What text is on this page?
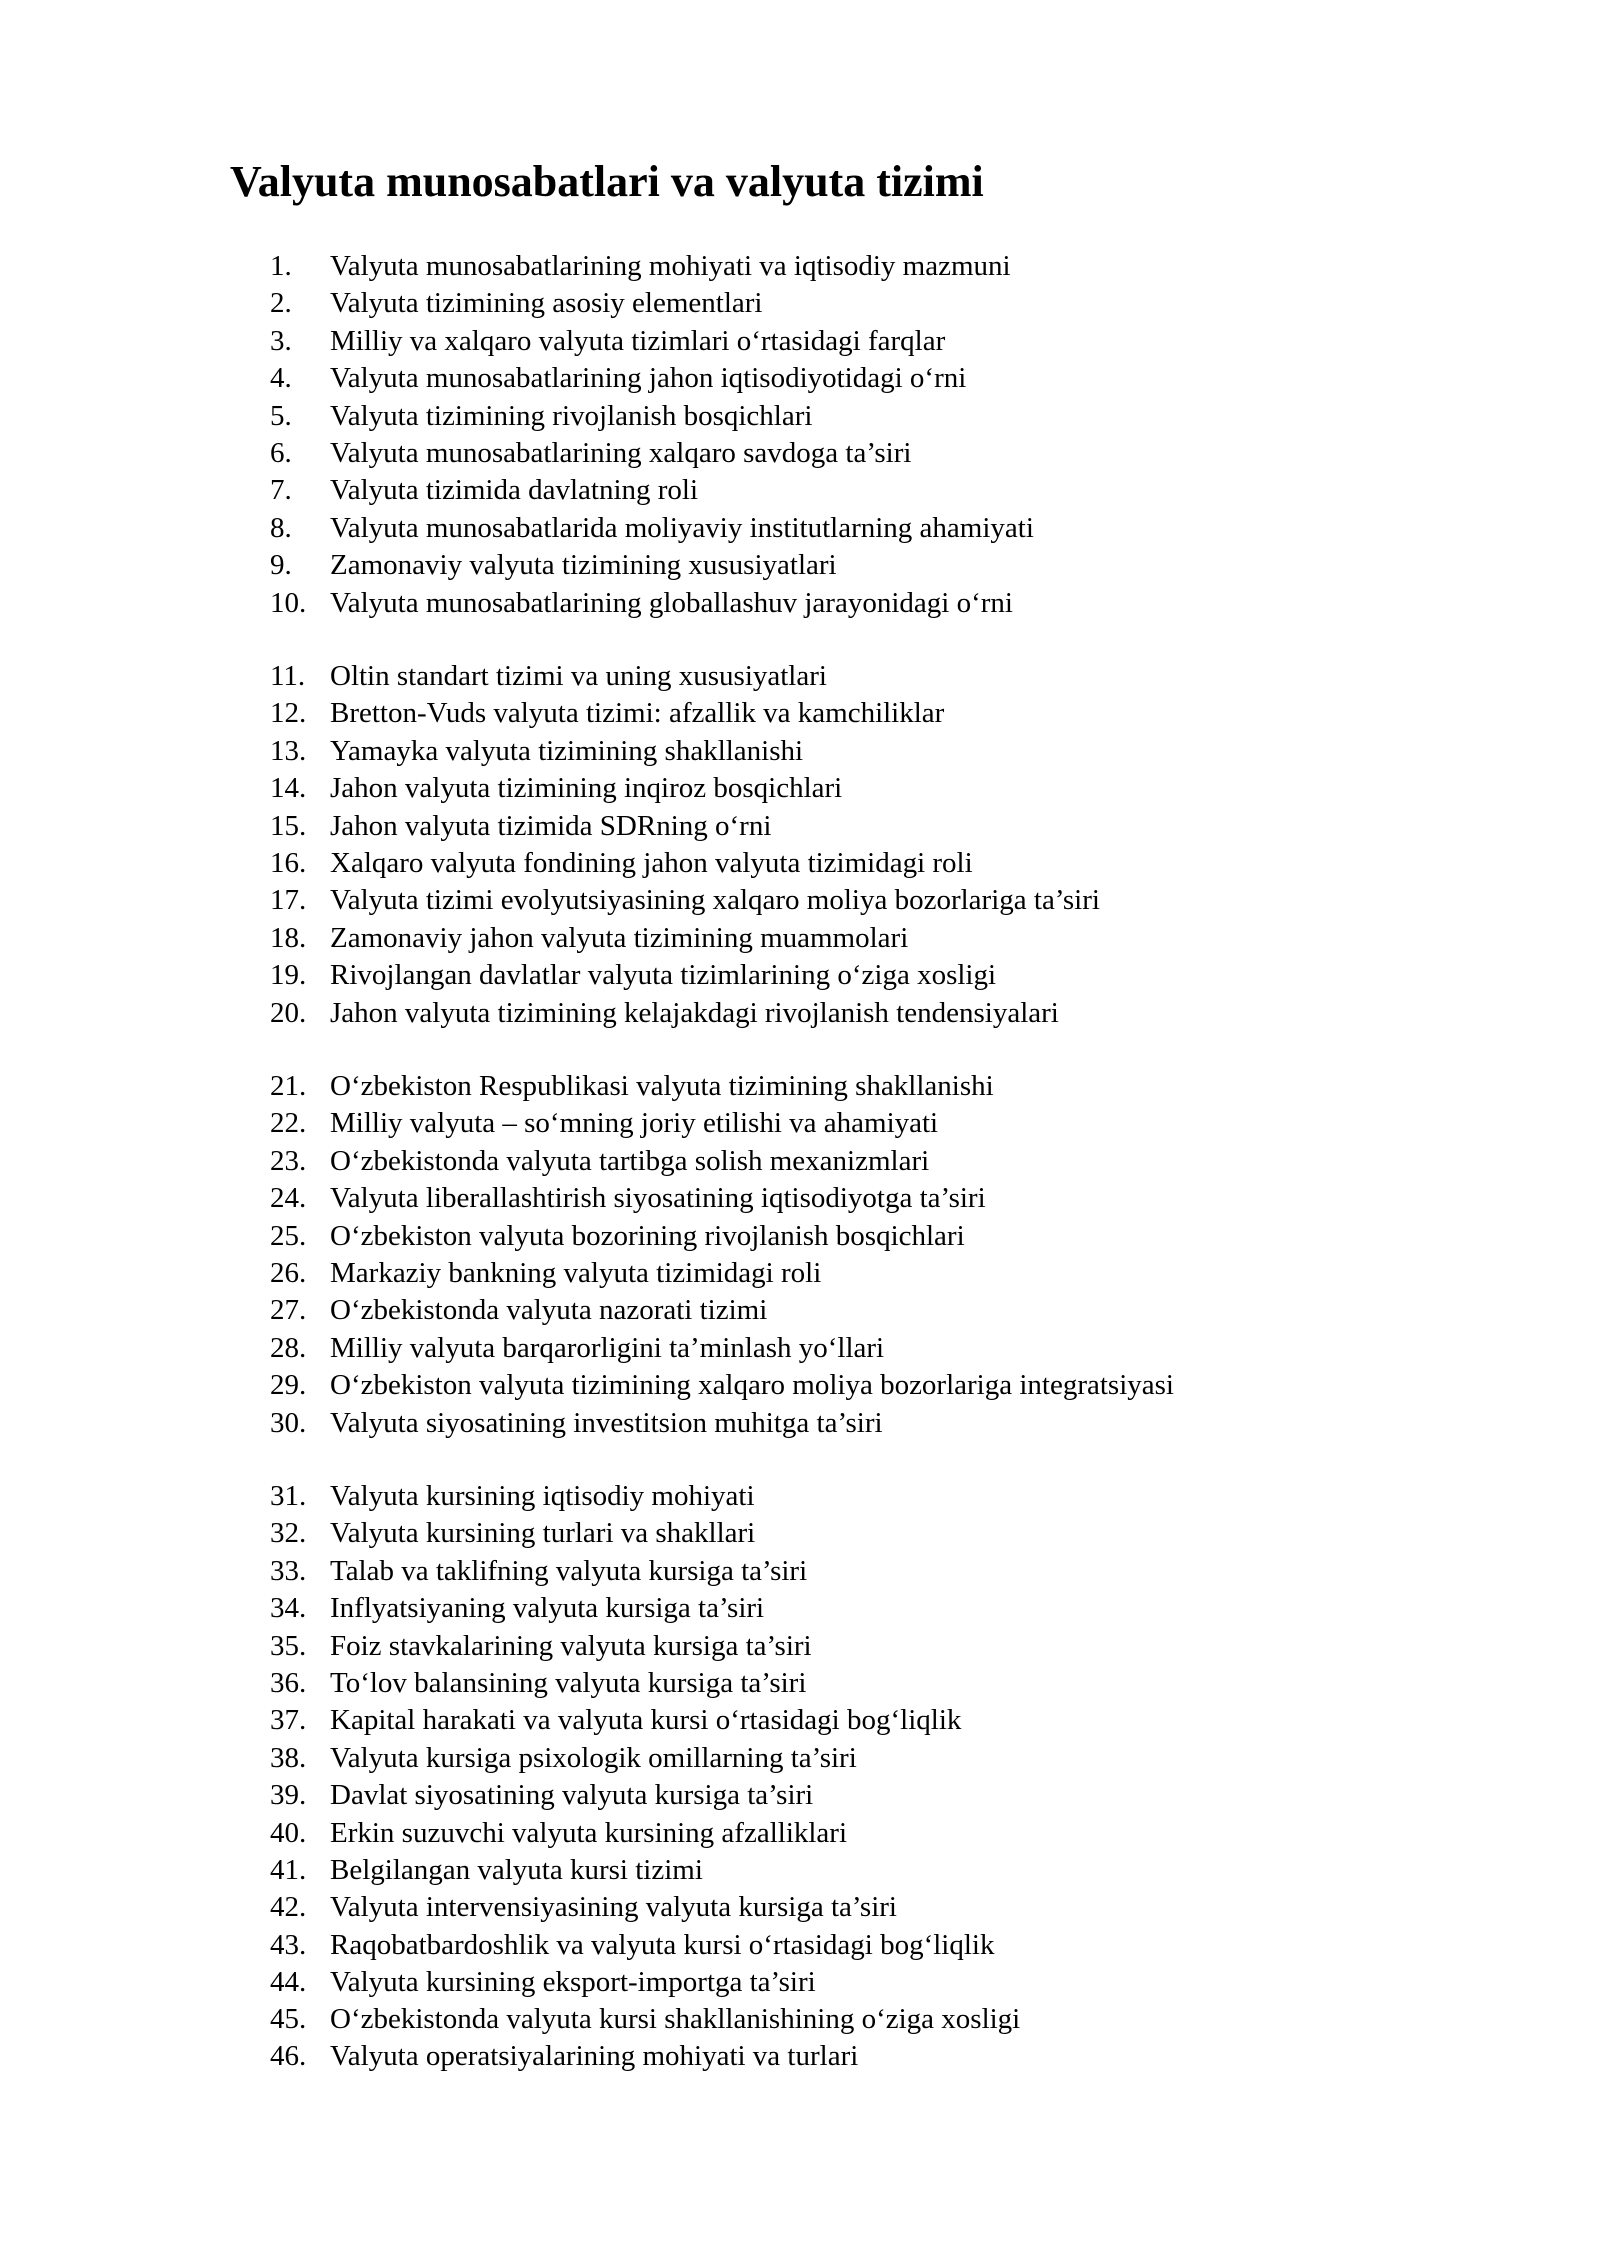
Valyuta munosabatlari va valyuta tizimi
1. Valyuta munosabatlarining mohiyati va iqtisodiy mazmuni
2. Valyuta tizimining asosiy elementlari
3. Milliy va xalqaro valyuta tizimlari o‘rtasidagi farqlar
4. Valyuta munosabatlarining jahon iqtisodiyotidagi o‘rni
5. Valyuta tizimining rivojlanish bosqichlari
6. Valyuta munosabatlarining xalqaro savdoga ta’siri
7. Valyuta tizimida davlatning roli
8. Valyuta munosabatlarida moliyaviy institutlarning ahamiyati
9. Zamonaviy valyuta tizimining xususiyatlari
10. Valyuta munosabatlarining globallashuv jarayonidagi o‘rni
11. Oltin standart tizimi va uning xususiyatlari
12. Bretton-Vuds valyuta tizimi: afzallik va kamchiliklar
13. Yamayka valyuta tizimining shakllanishi
14. Jahon valyuta tizimining inqiroz bosqichlari
15. Jahon valyuta tizimida SDRning o‘rni
16. Xalqaro valyuta fondining jahon valyuta tizimidagi roli
17. Valyuta tizimi evolyutsiyasining xalqaro moliya bozorlariga ta’siri
18. Zamonaviy jahon valyuta tizimining muammolari
19. Rivojlangan davlatlar valyuta tizimlarining o‘ziga xosligi
20. Jahon valyuta tizimining kelajakdagi rivojlanish tendensiyalari
21. O‘zbekiston Respublikasi valyuta tizimining shakllanishi
22. Milliy valyuta – so‘mning joriy etilishi va ahamiyati
23. O‘zbekistonda valyuta tartibga solish mexanizmlari
24. Valyuta liberallashtirish siyosatining iqtisodiyotga ta’siri
25. O‘zbekiston valyuta bozorining rivojlanish bosqichlari
26. Markaziy bankning valyuta tizimidagi roli
27. O‘zbekistonda valyuta nazorati tizimi
28. Milliy valyuta barqarorligini ta’minlash yo‘llari
29. O‘zbekiston valyuta tizimining xalqaro moliya bozorlariga integratsiyasi
30. Valyuta siyosatining investitsion muhitga ta’siri
31. Valyuta kursining iqtisodiy mohiyati
32. Valyuta kursining turlari va shakllari
33. Talab va taklifning valyuta kursiga ta’siri
34. Inflyatsiyaning valyuta kursiga ta’siri
35. Foiz stavkalarining valyuta kursiga ta’siri
36. To‘lov balansining valyuta kursiga ta’siri
37. Kapital harakati va valyuta kursi o‘rtasidagi bog‘liqlik
38. Valyuta kursiga psixologik omillarning ta’siri
39. Davlat siyosatining valyuta kursiga ta’siri
40. Erkin suzuvchi valyuta kursining afzalliklari
41. Belgilangan valyuta kursi tizimi
42. Valyuta intervensiyasining valyuta kursiga ta’siri
43. Raqobatbardoshlik va valyuta kursi o‘rtasidagi bog‘liqlik
44. Valyuta kursining eksport-importga ta’siri
45. O‘zbekistonda valyuta kursi shakllanishining o‘ziga xosligi
46. Valyuta operatsiyalarining mohiyati va turlari
